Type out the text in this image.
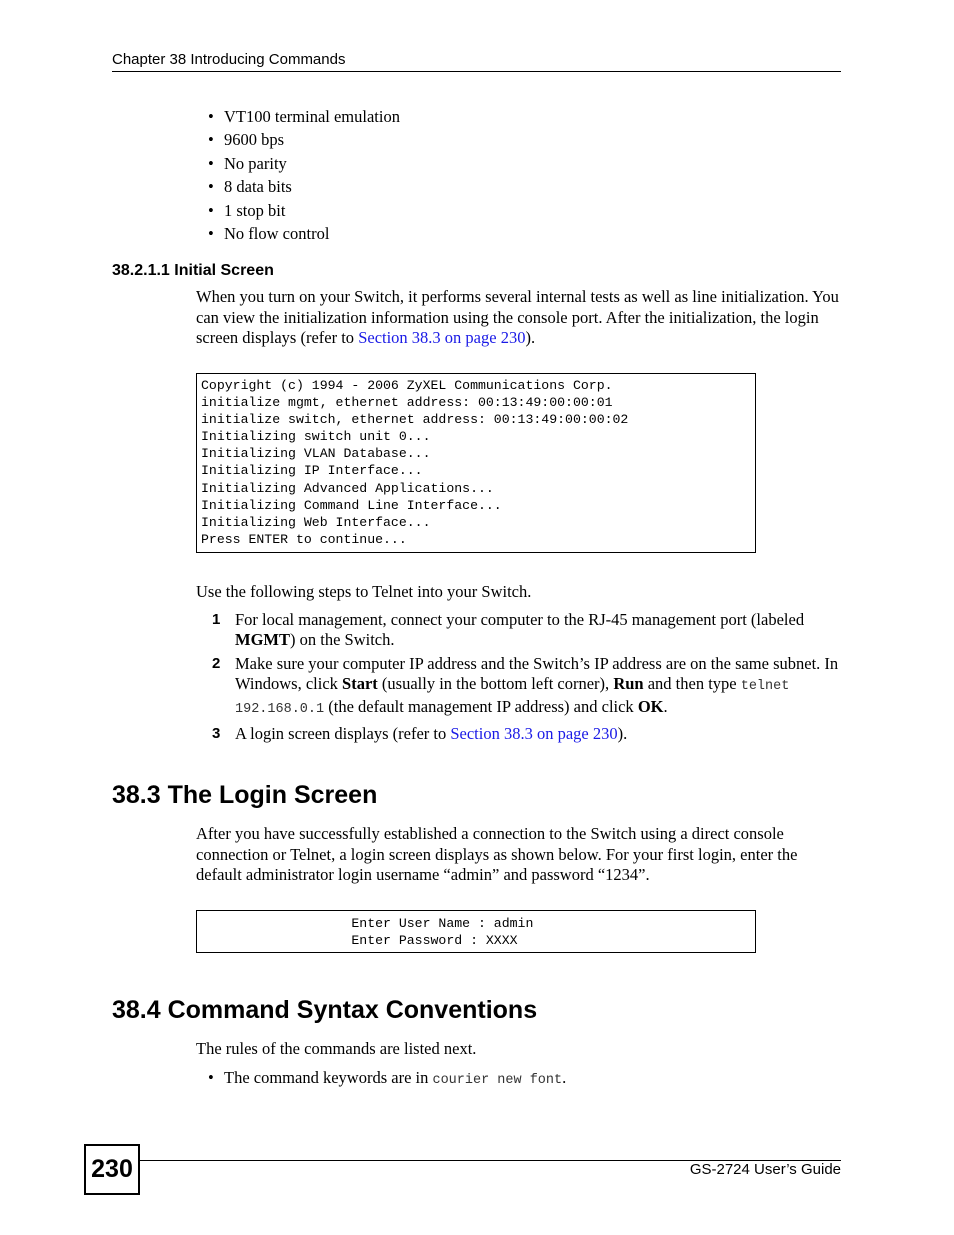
Chapter 38 Introducing Commands
• VT100 terminal emulation
• 9600 bps
• No parity
• 8 data bits
• 1 stop bit
• No flow control
38.2.1.1 Initial Screen

When you turn on your Switch, it performs several internal tests as well as line initialization. You can view the initialization information using the console port. After the initialization, the login screen displays (refer to Section 38.3 on page 230).

Copyright (c) 1994 - 2006 ZyXEL Communications Corp.
initialize mgmt, ethernet address: 00:13:49:00:00:01
initialize switch, ethernet address: 00:13:49:00:00:02
Initializing switch unit 0...
Initializing VLAN Database...
Initializing IP Interface...
Initializing Advanced Applications...
Initializing Command Line Interface...
Initializing Web Interface...
Press ENTER to continue...

Use the following steps to Telnet into your Switch.

1 For local management, connect your computer to the RJ-45 management port (labeled MGMT) on the Switch.
2 Make sure your computer IP address and the Switch’s IP address are on the same subnet. In Windows, click Start (usually in the bottom left corner), Run and then type telnet 192.168.0.1 (the default management IP address) and click OK.
3 A login screen displays (refer to Section 38.3 on page 230).
38.3 The Login Screen

After you have successfully established a connection to the Switch using a direct console connection or Telnet, a login screen displays as shown below. For your first login, enter the default administrator login username “admin” and password “1234”.

Enter User Name : admin
Enter Password : XXXX
38.4 Command Syntax Conventions

The rules of the commands are listed next.

• The command keywords are in courier new font.
230	GS-2724 User’s Guide
